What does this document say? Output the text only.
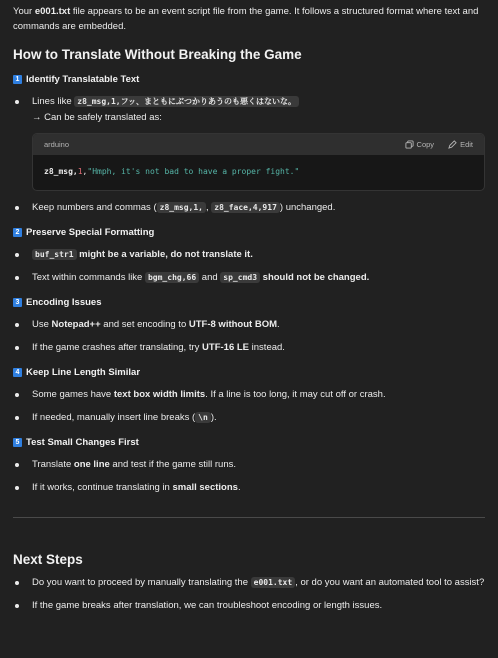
Your e001.txt file appears to be an event script file from the game. It follows a structured format where text and commands are embedded.

How to Translate Without Breaking the Game
1 Identify Translatable Text
Lines like z8_msg,1,フッ、まともにぶつかりあうのも悪くはないな。
→ Can be safely translated as:
arduino	Copy	Edit
z8_msg,1,"Hmph, it's not bad to have a proper fight."
Keep numbers and commas ( z8_msg,1, , z8_face,4,917 ) unchanged.
2 Preserve Special Formatting
buf_str1 might be a variable, do not translate it.
Text within commands like bgm_chg,66 and sp_cmd3 should not be changed.
3 Encoding Issues
Use Notepad++ and set encoding to UTF-8 without BOM.
If the game crashes after translating, try UTF-16 LE instead.
4 Keep Line Length Similar
Some games have text box width limits. If a line is too long, it may cut off or crash.
If needed, manually insert line breaks ( \n ).
5 Test Small Changes First
Translate one line and test if the game still runs.
If it works, continue translating in small sections.
Next Steps
Do you want to proceed by manually translating the e001.txt , or do you want an automated tool to assist?
If the game breaks after translation, we can troubleshoot encoding or length issues.
